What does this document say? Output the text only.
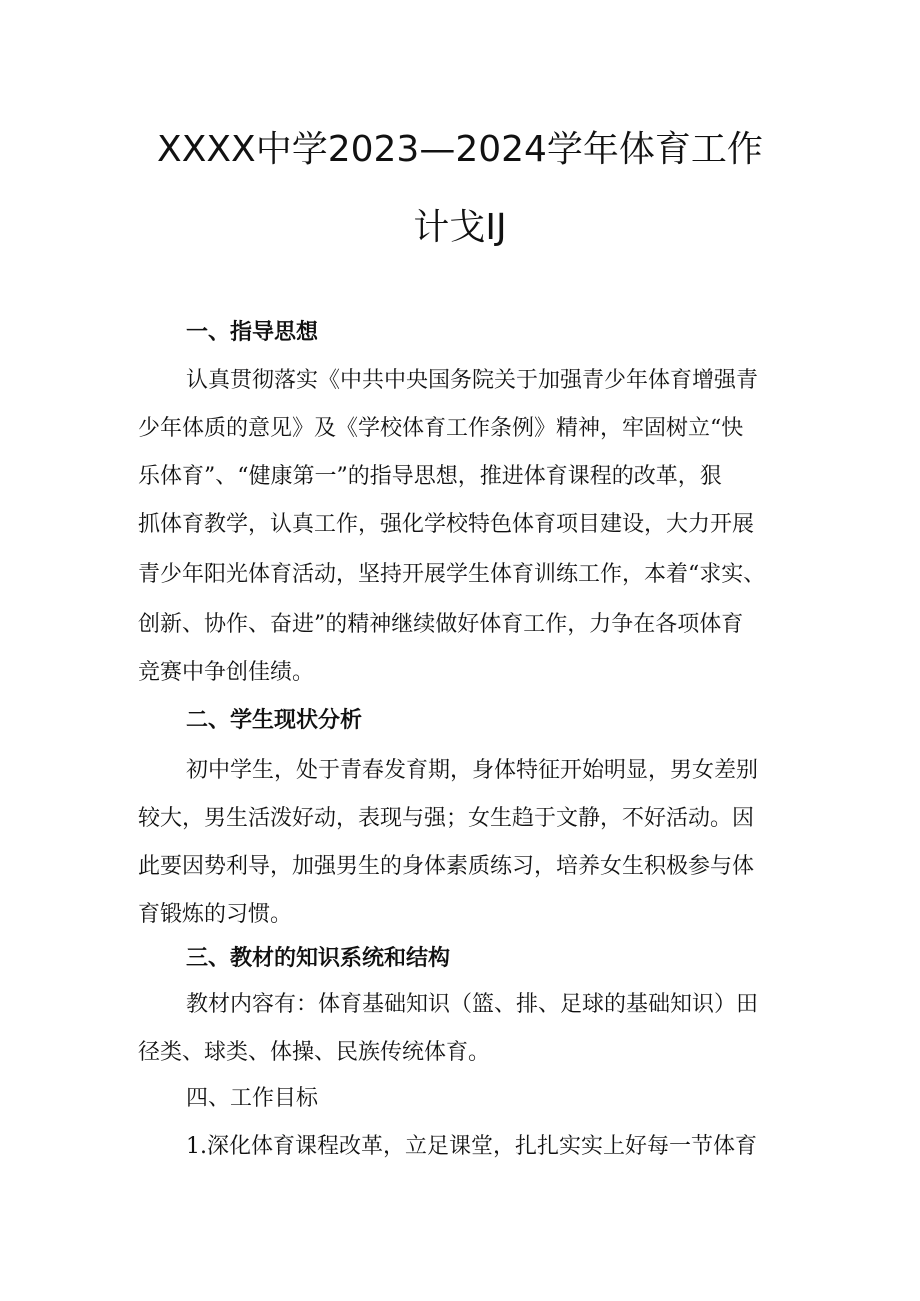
XXXX中学2023—2024学年体育工作
计戈IJ
一、指导思想
认真贯彻落实《中共中央国务院关于加强青少年体育增强青
少年体质的意见》及《学校体育工作条例》精神，牢固树立“快
乐体育”、“健康第一”的指导思想，推进体育课程的改革，狠
抓体育教学，认真工作，强化学校特色体育项目建设，大力开展
青少年阳光体育活动，坚持开展学生体育训练工作，本着“求实、
创新、协作、奋进”的精神继续做好体育工作，力争在各项体育
竞赛中争创佳绩。
二、学生现状分析
初中学生，处于青春发育期，身体特征开始明显，男女差别
较大，男生活泼好动，表现与强；女生趋于文静，不好活动。因
此要因势利导，加强男生的身体素质练习，培养女生积极参与体
育锻炼的习惯。
三、教材的知识系统和结构
教材内容有：体育基础知识（篮、排、足球的基础知识）田
径类、球类、体操、民族传统体育。
四、工作目标
1.深化体育课程改革，立足课堂，扎扎实实上好每一节体育
